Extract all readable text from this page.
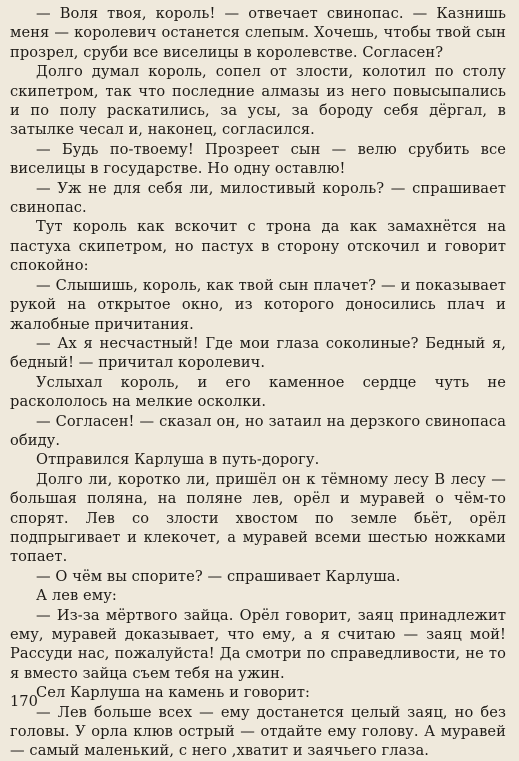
— Воля твоя, король! — отвечает свинопас. — Казнишь меня — королевич останется слепым. Хочешь, чтобы твой сын прозрел, сруби все виселицы в королевстве. Согласен?

Долго думал король, сопел от злости, колотил по столу скипетром, так что последние алмазы из него повысыпались и по полу раскатились, за усы, за бороду себя дёргал, в затылке чесал и, наконец, согласился.

— Будь по-твоему! Прозреет сын — велю срубить все виселицы в государстве. Но одну оставлю!

— Уж не для себя ли, милостивый король? — спрашивает свинопас.

Тут король как вскочит с трона да как замахнётся на пастуха скипетром, но пастух в сторону отскочил и говорит спокойно:

— Слышишь, король, как твой сын плачет? — и показывает рукой на открытое окно, из которого доносились плач и жалобные причитания.

— Ах я несчастный! Где мои глаза соколиные? Бедный я, бедный! — причитал королевич.

Услыхал король, и его каменное сердце чуть не раскололось на мелкие осколки.

— Согласен! — сказал он, но затаил на дерзкого свинопаса обиду.

Отправился Карлуша в путь-дорогу.

Долго ли, коротко ли, пришёл он к тёмному лесу В лесу — большая поляна, на поляне лев, орёл и муравей о чём-то спорят. Лев со злости хвостом по земле бьёт, орёл подпрыгивает и клекочет, а муравей всеми шестью ножками топает.

— О чём вы спорите? — спрашивает Карлуша.

А лев ему:

— Из-за мёртвого зайца. Орёл говорит, заяц принадлежит ему, муравей доказывает, что ему, а я считаю — заяц мой! Рассуди нас, пожалуйста! Да смотри по справедливости, не то я вместо зайца съем тебя на ужин.

Сел Карлуша на камень и говорит:

— Лев больше всех — ему достанется целый заяц, но без головы. У орла клюв острый — отдайте ему голову. А муравей — самый маленький, с него ,хватит и заячьего глаза.

170
